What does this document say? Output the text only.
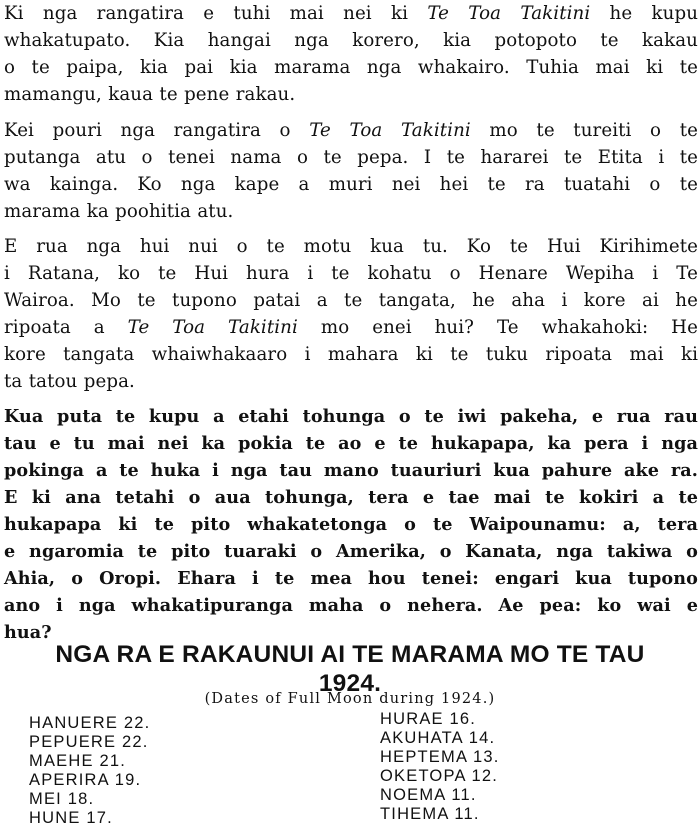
Ki nga rangatira e tuhi mai nei ki Te Toa Takitini he kupu
whakatupato. Kia hangai nga korero, kia potopoto te kakau
o te paipa, kia pai kia marama nga whakairo. Tuhia mai ki te
mamangu, kaua te pene rakau.
Kei pouri nga rangatira o Te Toa Takitini mo te tureiti o te
putanga atu o tenei nama o te pepa. I te hararei te Etita i te
wa kainga. Ko nga kape a muri nei hei te ra tuatahi o te
marama ka poohitia atu.
E rua nga hui nui o te motu kua tu. Ko te Hui Kirihimete
i Ratana, ko te Hui hura i te kohatu o Henare Wepiha i Te
Wairoa. Mo te tupono patai a te tangata, he aha i kore ai he
ripoata a Te Toa Takitini mo enei hui? Te whakahoki: He
kore tangata whaiwhakaaro i mahara ki te tuku ripoata mai ki
ta tatou pepa.
Kua puta te kupu a etahi tohunga o te iwi pakeha, e rua rau
tau e tu mai nei ka pokia te ao e te hukapapa, ka pera i nga
pokinga a te huka i nga tau mano tuauriuri kua pahure ake ra.
E ki ana tetahi o aua tohunga, tera e tae mai te kokiri a te
hukapapa ki te pito whakatetonga o te Waipounamu: a, tera
e ngaromia te pito tuaraki o Amerika, o Kanata, nga takiwa o
Ahia, o Oropi. Ehara i te mea hou tenei: engari kua tupono
ano i nga whakatipuranga maha o nehera. Ae pea: ko wai e
hua?
NGA RA E RAKAUNUI AI TE MARAMA MO TE TAU
1924.
(Dates of Full Moon during 1924.)
HANUERE 22.
PEPUERE 22.
MAEHE 21.
APERIRA 19.
MEI 18.
HUNE 17.
HURAE 16.
AKUHATA 14.
HEPTEMA 13.
OKETOPA 12.
NOEMA 11.
TIHEMA 11.
